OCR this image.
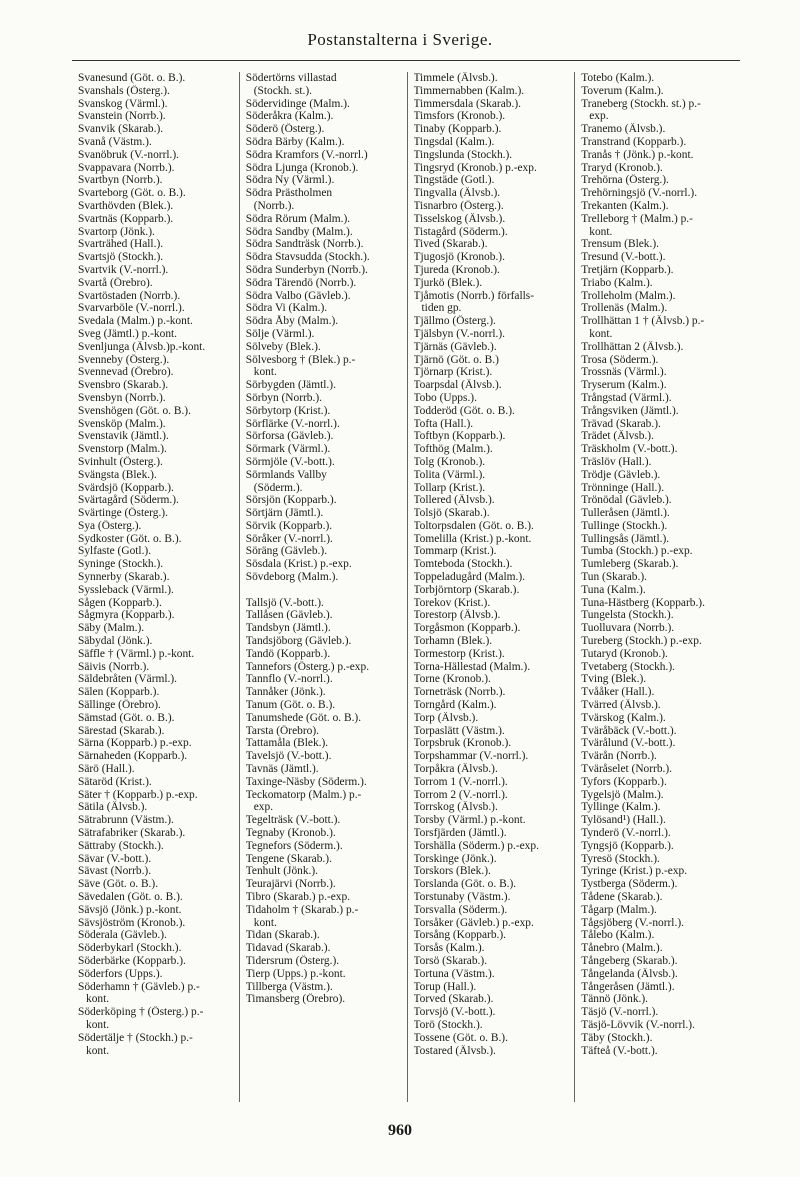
Postanstalterna i Sverige.
Svanesund (Göt. o. B.).
Svanshals (Österg.).
Svanskog (Värml.).
Svanstein (Norrb.).
Svanvik (Skarab.).
Svanå (Västm.).
Svanöbruk (V.-norrl.).
Svappavara (Norrb.).
Svartbyn (Norrb.).
Svarteborg (Göt. o. B.).
Svarthövden (Blek.).
Svartnäs (Kopparb.).
Svartorp (Jönk.).
Svarträhed (Hall.).
Svartsjö (Stockh.).
Svartvik (V.-norrl.).
Svartå (Örebro).
Svartöstaden (Norrb.).
Svarvarböle (V.-norrl.).
Svedala (Malm.) p.-kont.
Sveg (Jämtl.) p.-kont.
Svenljunga (Älvsb.)p.-kont.
Svenneby (Österg.).
Svennevad (Örebro).
Svensbro (Skarab.).
Svensbyn (Norrb.).
Svenshögen (Göt. o. B.).
Svensköp (Malm.).
Svenstavik (Jämtl.).
Svenstorp (Malm.).
Svinhult (Österg.).
Svängsta (Blek.).
Svärdsjö (Kopparb.).
Svärtagård (Söderm.).
Svärtinge (Österg.).
Sya (Österg.).
Sydkoster (Göt. o. B.).
Sylfaste (Gotl.).
Syninge (Stockh.).
Synnerby (Skarab.).
Syssleback (Värml.).
Sågen (Kopparb.).
Sågmyra (Kopparb.).
Säby (Malm.).
Säbydal (Jönk.).
Säffle † (Värml.) p.-kont.
Säivis (Norrb.).
Säldebråten (Värml.).
Sälen (Kopparb.).
Sällinge (Örebro).
Sämstad (Göt. o. B.).
Särestad (Skarab.).
Särna (Kopparb.) p.-exp.
Särnaheden (Kopparb.).
Särö (Hall.).
Sätaröd (Krist.).
Säter † (Kopparb.) p.-exp.
Sätila (Älvsb.).
Sätrabrunn (Västm.).
Sätrafabriker (Skarab.).
Sättraby (Stockh.).
Sävar (V.-bott.).
Sävast (Norrb.).
Säve (Göt. o. B.).
Sävedalen (Göt. o. B.).
Sävsjö (Jönk.) p.-kont.
Sävsjöström (Kronob.).
Söderala (Gävleb.).
Söderbykarl (Stockh.).
Söderbärke (Kopparb.).
Söderfors (Upps.).
Söderhamn † (Gävleb.) p.-
kont.
Söderköping † (Österg.) p.-
kont.
Södertälje † (Stockh.) p.-
kont.
Södertörns villastad
(Stockh. st.).
Södervidinge (Malm.).
Söderåkra (Kalm.).
Söderö (Österg.).
Södra Bärby (Kalm.).
Södra Kramfors (V.-norrl.)
Södra Ljunga (Kronob.).
Södra Ny (Värml.).
Södra Prästholmen
(Norrb.).
Södra Rörum (Malm.).
Södra Sandby (Malm.).
Södra Sandträsk (Norrb.).
Södra Stavsudda (Stockh.).
Södra Sunderbyn (Norrb.).
Södra Tärendö (Norrb.).
Södra Valbo (Gävleb.).
Södra Vi (Kalm.).
Södra Åby (Malm.).
Sölje (Värml.).
Sölveby (Blek.).
Sölvesborg † (Blek.) p.-
kont.
Sörbygden (Jämtl.).
Sörbyn (Norrb.).
Sörbytorp (Krist.).
Sörflärke (V.-norrl.).
Sörforsa (Gävleb.).
Sörmark (Värml.).
Sörmjöle (V.-bott.).
Sörmlands Vallby
(Söderm.).
Sörsjön (Kopparb.).
Sörtjärn (Jämtl.).
Sörvik (Kopparb.).
Söråker (V.-norrl.).
Söräng (Gävleb.).
Sösdala (Krist.) p.-exp.
Sövdeborg (Malm.).
Tallsjö (V.-bott.).
Tallåsen (Gävleb.).
Tandsbyn (Jämtl.).
Tandsjöborg (Gävleb.).
Tandö (Kopparb.).
Tannefors (Österg.) p.-exp.
Tannflo (V.-norrl.).
Tannåker (Jönk.).
Tanum (Göt. o. B.).
Tanumshede (Göt. o. B.).
Tarsta (Örebro).
Tattamåla (Blek.).
Tavelsjö (V.-bott.).
Tavnäs (Jämtl.).
Taxinge-Näsby (Söderm.).
Teckomatorp (Malm.) p.-
exp.
Tegelträsk (V.-bott.).
Tegnaby (Kronob.).
Tegnefors (Söderm.).
Tengene (Skarab.).
Tenhult (Jönk.).
Teurajärvi (Norrb.).
Tibro (Skarab.) p.-exp.
Tidaholm † (Skarab.) p.-
kont.
Tidan (Skarab.).
Tidavad (Skarab.).
Tidersrum (Österg.).
Tierp (Upps.) p.-kont.
Tillberga (Västm.).
Timansberg (Örebro).
Timmele (Älvsb.).
Timmernabben (Kalm.).
Timmersdala (Skarab.).
Timsfors (Kronob.).
Tinaby (Kopparb.).
Tingsdal (Kalm.).
Tingslunda (Stockh.).
Tingsryd (Kronob.) p.-exp.
Tingstäde (Gotl.).
Tingvalla (Älvsb.).
Tisnarbro (Österg.).
Tisselskog (Älvsb.).
Tistagård (Söderm.).
Tived (Skarab.).
Tjugosjö (Kronob.).
Tjureda (Kronob.).
Tjurkö (Blek.).
Tjåmotis (Norrb.) förfalls-
tiden gp.
Tjällmo (Österg.).
Tjälsbyn (V.-norrl.).
Tjärnäs (Gävleb.).
Tjärnö (Göt. o. B.)
Tjörnarp (Krist.).
Toarpsdal (Älvsb.).
Tobo (Upps.).
Todderöd (Göt. o. B.).
Tofta (Hall.).
Toftbyn (Kopparb.).
Tofthög (Malm.).
Tolg (Kronob.).
Tolita (Värml.).
Tollarp (Krist.).
Tollered (Älvsb.).
Tolsjö (Skarab.).
Toltorpsdalen (Göt. o. B.).
Tomelilla (Krist.) p.-kont.
Tommarp (Krist.).
Tomteboda (Stockh.).
Toppeladugård (Malm.).
Torbjörntorp (Skarab.).
Torekov (Krist.).
Torestorp (Älvsb.).
Torgåsmon (Kopparb.).
Torhamn (Blek.).
Tormestorp (Krist.).
Torna-Hällestad (Malm.).
Torne (Kronob.).
Torneträsk (Norrb.).
Torngård (Kalm.).
Torp (Älvsb.).
Torpaslätt (Västm.).
Torpsbruk (Kronob.).
Torpshammar (V.-norrl.).
Torpåkra (Älvsb.).
Torrom 1 (V.-norrl.).
Torrom 2 (V.-norrl.).
Torrskog (Älvsb.).
Torsby (Värml.) p.-kont.
Torsfjärden (Jämtl.).
Torshälla (Söderm.) p.-exp.
Torskinge (Jönk.).
Torskors (Blek.).
Torslanda (Göt. o. B.).
Torstunaby (Västm.).
Torsvalla (Söderm.).
Torsåker (Gävleb.) p.-exp.
Torsång (Kopparb.).
Torsås (Kalm.).
Torsö (Skarab.).
Tortuna (Västm.).
Torup (Hall.).
Torved (Skarab.).
Torvsjö (V.-bott.).
Torö (Stockh.).
Tossene (Göt. o. B.).
Tostared (Älvsb.).
Totebo (Kalm.).
Toverum (Kalm.).
Traneberg (Stockh. st.) p.-
exp.
Tranemo (Älvsb.).
Transtrand (Kopparb.).
Tranås † (Jönk.) p.-kont.
Traryd (Kronob.).
Trehörna (Österg.).
Trehörningsjö (V.-norrl.).
Trekanten (Kalm.).
Trelleborg † (Malm.) p.-
kont.
Trensum (Blek.).
Tresund (V.-bott.).
Tretjärn (Kopparb.).
Triabo (Kalm.).
Trolleholm (Malm.).
Trollenäs (Malm.).
Trollhättan 1 † (Älvsb.) p.-
kont.
Trollhättan 2 (Älvsb.).
Trosa (Söderm.).
Trossnäs (Värml.).
Tryserum (Kalm.).
Trångstad (Värml.).
Trångsviken (Jämtl.).
Trävad (Skarab.).
Trädet (Älvsb.).
Träskholm (V.-bott.).
Träslöv (Hall.).
Trödje (Gävleb.).
Trönninge (Hall.).
Trönödal (Gävleb.).
Tulleråsen (Jämtl.).
Tullinge (Stockh.).
Tullingsås (Jämtl.).
Tumba (Stockh.) p.-exp.
Tumleberg (Skarab.).
Tun (Skarab.).
Tuna (Kalm.).
Tuna-Hästberg (Kopparb.).
Tungelsta (Stockh.).
Tuolluvara (Norrb.).
Tureberg (Stockh.) p.-exp.
Tutaryd (Kronob.).
Tvetaberg (Stockh.).
Tving (Blek.).
Tvååker (Hall.).
Tvärred (Älvsb.).
Tvärskog (Kalm.).
Tväråbäck (V.-bott.).
Tvärålund (V.-bott.).
Tvärån (Norrb.).
Tväråselet (Norrb.).
Tyfors (Kopparb.).
Tygelsjö (Malm.).
Tyllinge (Kalm.).
Tylösand¹) (Hall.).
Tynderö (V.-norrl.).
Tyngsjö (Kopparb.).
Tyresö (Stockh.).
Tyringe (Krist.) p.-exp.
Tystberga (Söderm.).
Tådene (Skarab.).
Tågarp (Malm.).
Tågsjöberg (V.-norrl.).
Tålebo (Kalm.).
Tånebro (Malm.).
Tångeberg (Skarab.).
Tångelanda (Älvsb.).
Tångeråsen (Jämtl.).
Tännö (Jönk.).
Täsjö (V.-norrl.).
Täsjö-Lövvik (V.-norrl.).
Täby (Stockh.).
Täfteå (V.-bott.).
960
